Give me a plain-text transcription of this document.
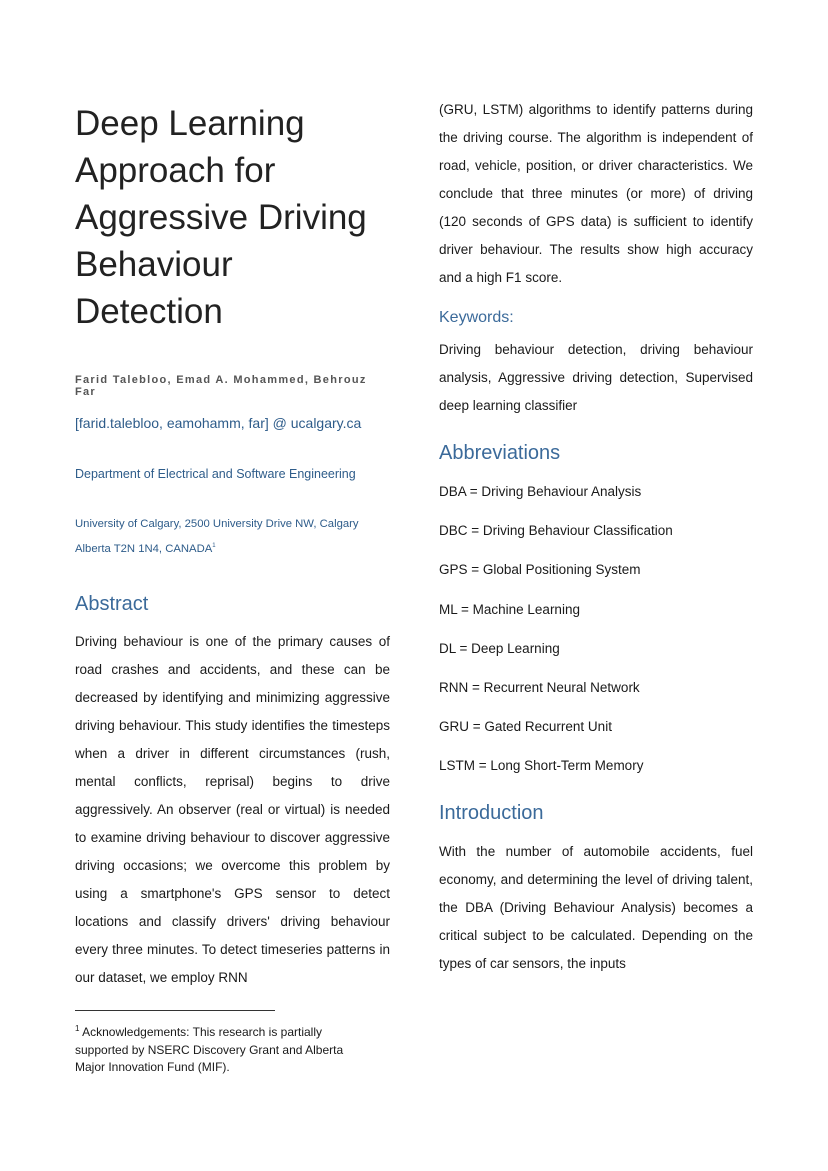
Deep Learning Approach for Aggressive Driving Behaviour Detection
Farid Talebloo, Emad A. Mohammed, Behrouz Far
[farid.talebloo, eamohamm, far] @ ucalgary.ca
Department of Electrical and Software Engineering
University of Calgary, 2500 University Drive NW, Calgary
Alberta T2N 1N4, CANADA$^1$
Abstract

Driving behaviour is one of the primary causes of road crashes and accidents, and these can be decreased by identifying and minimizing aggressive driving behaviour. This study identifies the timesteps when a driver in different circumstances (rush, mental conflicts, reprisal) begins to drive aggressively. An observer (real or virtual) is needed to examine driving behaviour to discover aggressive driving occasions; we overcome this problem by using a smartphone's GPS sensor to detect locations and classify drivers' driving behaviour every three minutes. To detect timeseries patterns in our dataset, we employ RNN

$^1$ Acknowledgements: This research is partially supported by NSERC Discovery Grant and Alberta Major Innovation Fund (MIF).

(GRU, LSTM) algorithms to identify patterns during the driving course. The algorithm is independent of road, vehicle, position, or driver characteristics. We conclude that three minutes (or more) of driving (120 seconds of GPS data) is sufficient to identify driver behaviour. The results show high accuracy and a high F1 score.

Keywords:

Driving behaviour detection, driving behaviour analysis, Aggressive driving detection, Supervised deep learning classifier

Abbreviations
DBA = Driving Behaviour Analysis
DBC = Driving Behaviour Classification
GPS = Global Positioning System
ML = Machine Learning
DL = Deep Learning
RNN = Recurrent Neural Network
GRU = Gated Recurrent Unit
LSTM = Long Short-Term Memory
Introduction

With the number of automobile accidents, fuel economy, and determining the level of driving talent, the DBA (Driving Behaviour Analysis) becomes a critical subject to be calculated. Depending on the types of car sensors, the inputs
